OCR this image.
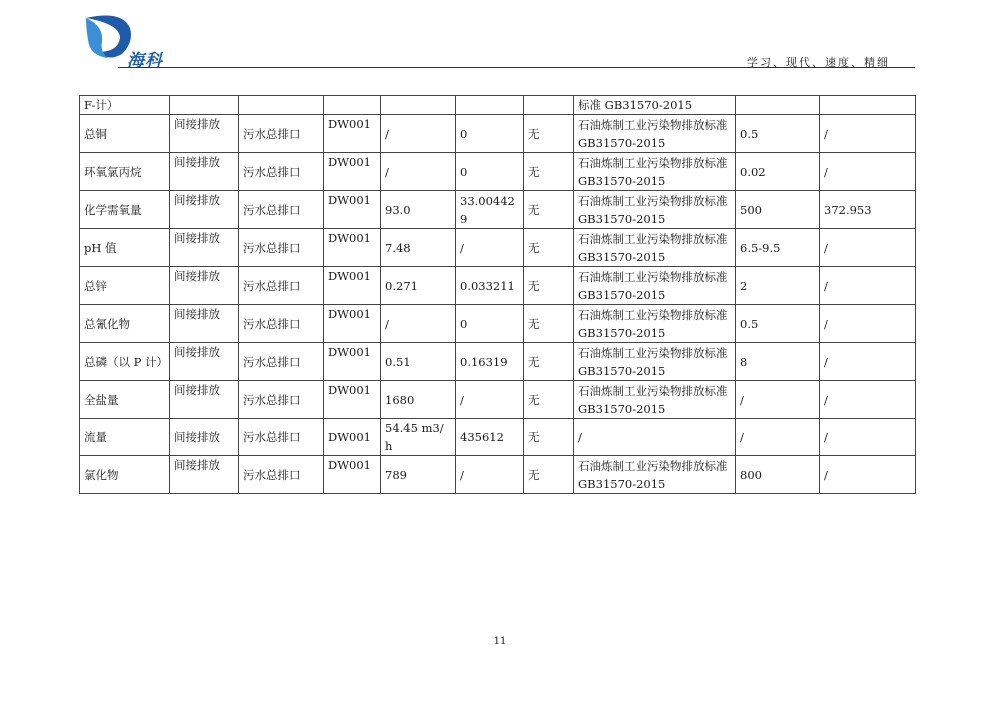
海科	学习、现代、速度、精细
F-计）							标准 GB31570-2015		
总铜	间接排放	污水总排口	DW001	/	0	无	石油炼制工业污染物排放标准 GB31570-2015	0.5	/
环氧氯丙烷	间接排放	污水总排口	DW001	/	0	无	石油炼制工业污染物排放标准 GB31570-2015	0.02	/
化学需氧量	间接排放	污水总排口	DW001	93.0	33.004429	无	石油炼制工业污染物排放标准 GB31570-2015	500	372.953
pH 值	间接排放	污水总排口	DW001	7.48	/	无	石油炼制工业污染物排放标准 GB31570-2015	6.5-9.5	/
总锌	间接排放	污水总排口	DW001	0.271	0.033211	无	石油炼制工业污染物排放标准 GB31570-2015	2	/
总氰化物	间接排放	污水总排口	DW001	/	0	无	石油炼制工业污染物排放标准 GB31570-2015	0.5	/
总磷（以 P 计）	间接排放	污水总排口	DW001	0.51	0.16319	无	石油炼制工业污染物排放标准 GB31570-2015	8	/
全盐量	间接排放	污水总排口	DW001	1680	/	无	石油炼制工业污染物排放标准 GB31570-2015	/	/
流量	间接排放	污水总排口	DW001	54.45 m3/h	435612	无	/	/	/
氯化物	间接排放	污水总排口	DW001	789	/	无	石油炼制工业污染物排放标准 GB31570-2015	800	/
11
